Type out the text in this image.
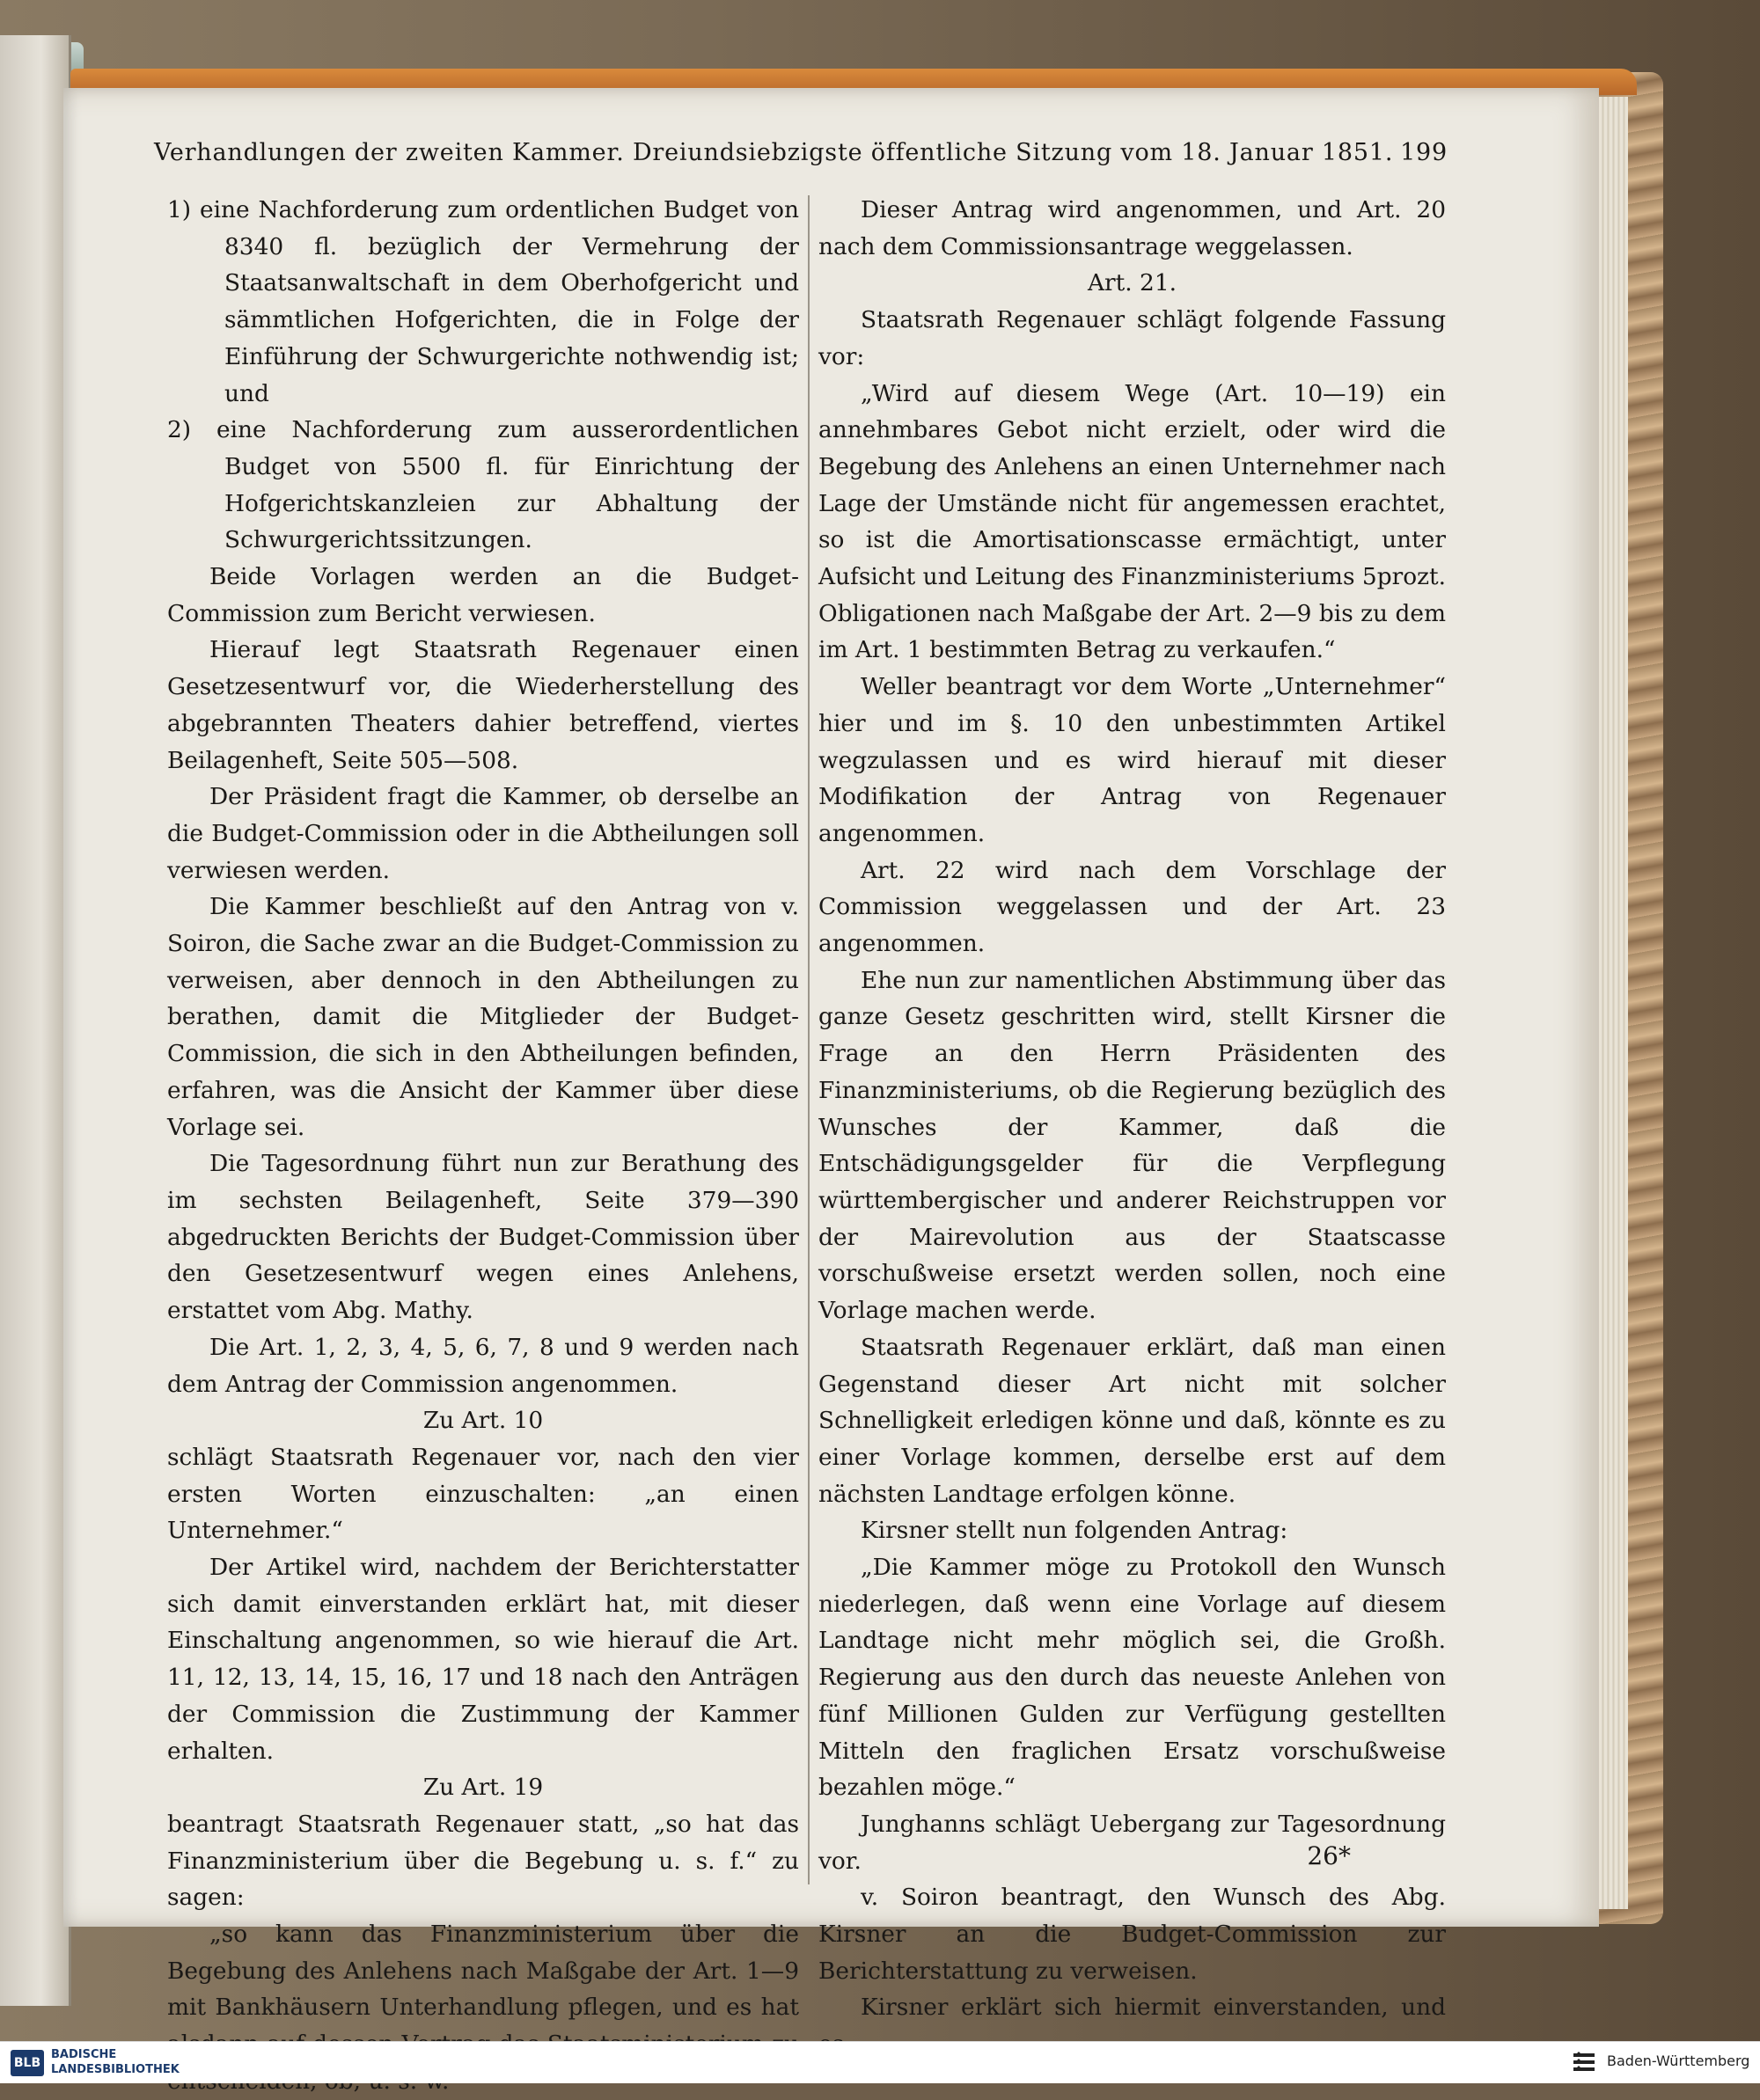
Verhandlungen der zweiten Kammer. Dreiundsiebzigste öffentliche Sitzung vom 18. Januar 1851. 199

1) eine Nachforderung zum ordentlichen Budget von 8340 fl. bezüglich der Vermehrung der Staatsanwaltschaft in dem Oberhofgericht und sämmtlichen Hofgerichten, die in Folge der Einführung der Schwurgerichte nothwendig ist; und

2) eine Nachforderung zum ausserordentlichen Budget von 5500 fl. für Einrichtung der Hofgerichtskanzleien zur Abhaltung der Schwurgerichtssitzungen.

Beide Vorlagen werden an die Budget-Commission zum Bericht verwiesen.

Hierauf legt Staatsrath Regenauer einen Gesetzesentwurf vor, die Wiederherstellung des abgebrannten Theaters dahier betreffend, viertes Beilagenheft, Seite 505—508.

Der Präsident fragt die Kammer, ob derselbe an die Budget-Commission oder in die Abtheilungen soll verwiesen werden.

Die Kammer beschließt auf den Antrag von v. Soiron, die Sache zwar an die Budget-Commission zu verweisen, aber dennoch in den Abtheilungen zu berathen, damit die Mitglieder der Budget-Commission, die sich in den Abtheilungen befinden, erfahren, was die Ansicht der Kammer über diese Vorlage sei.

Die Tagesordnung führt nun zur Berathung des im sechsten Beilagenheft, Seite 379—390 abgedruckten Berichts der Budget-Commission über den Gesetzesentwurf wegen eines Anlehens, erstattet vom Abg. Mathy.

Die Art. 1, 2, 3, 4, 5, 6, 7, 8 und 9 werden nach dem Antrag der Commission angenommen.

Zu Art. 10

schlägt Staatsrath Regenauer vor, nach den vier ersten Worten einzuschalten: „an einen Unternehmer.“

Der Artikel wird, nachdem der Berichterstatter sich damit einverstanden erklärt hat, mit dieser Einschaltung angenommen, so wie hierauf die Art. 11, 12, 13, 14, 15, 16, 17 und 18 nach den Anträgen der Commission die Zustimmung der Kammer erhalten.

Zu Art. 19

beantragt Staatsrath Regenauer statt, „so hat das Finanzministerium über die Begebung u. s. f.“ zu sagen:

„so kann das Finanzministerium über die Begebung des Anlehens nach Maßgabe der Art. 1—9 mit Bankhäusern Unterhandlung pflegen, und es hat

Dieser Antrag wird angenommen, und Art. 20 nach dem Commissionsantrage weggelassen.

Art. 21.

Staatsrath Regenauer schlägt folgende Fassung vor:

„Wird auf diesem Wege (Art. 10—19) ein annehmbares Gebot nicht erzielt, oder wird die Begebung des Anlehens an einen Unternehmer nach Lage der Umstände nicht für angemessen erachtet, so ist die Amortisationscasse ermächtigt, unter Aufsicht und Leitung des Finanzministeriums 5prozt. Obligationen nach Maßgabe der Art. 2—9 bis zu dem im Art. 1 bestimmten Betrag zu verkaufen.“

Weller beantragt vor dem Worte „Unternehmer“ hier und im §. 10 den unbestimmten Artikel wegzulassen und es wird hierauf mit dieser Modifikation der Antrag von Regenauer angenommen.

Art. 22 wird nach dem Vorschlage der Commission weggelassen und der Art. 23 angenommen.

Ehe nun zur namentlichen Abstimmung über das ganze Gesetz geschritten wird, stellt Kirsner die Frage an den Herrn Präsidenten des Finanzministeriums, ob die Regierung bezüglich des Wunsches der Kammer, daß die Entschädigungsgelder für die Verpflegung württembergischer und anderer Reichstruppen vor der Mairevolution aus der Staatscasse vorschußweise ersetzt werden sollen, noch eine Vorlage machen werde.

Staatsrath Regenauer erklärt, daß man einen Gegenstand dieser Art nicht mit solcher Schnelligkeit erledigen könne und daß, könnte es zu einer Vorlage kommen, derselbe erst auf dem nächsten Landtage erfolgen könne.

Kirsner stellt nun folgenden Antrag:

„Die Kammer möge zu Protokoll den Wunsch niederlegen, daß wenn eine Vorlage auf diesem Landtage nicht mehr möglich sei, die Großh. Regierung aus den durch das neueste Anlehen von fünf Millionen Gulden zur Verfügung gestellten Mitteln den fraglichen Ersatz vorschußweise bezahlen möge.“

Junghanns schlägt Uebergang zur Tagesordnung vor.

v. Soiron beantragt, den Wunsch des Abg. Kirsner an die Budget-Commission zur Berichterstattung zu verweisen.

Kirsner erklärt sich hiermit einverstanden, und

26*
BLB
BADISCHE
LANDESBIBLIOTHEK
Baden-Württemberg
